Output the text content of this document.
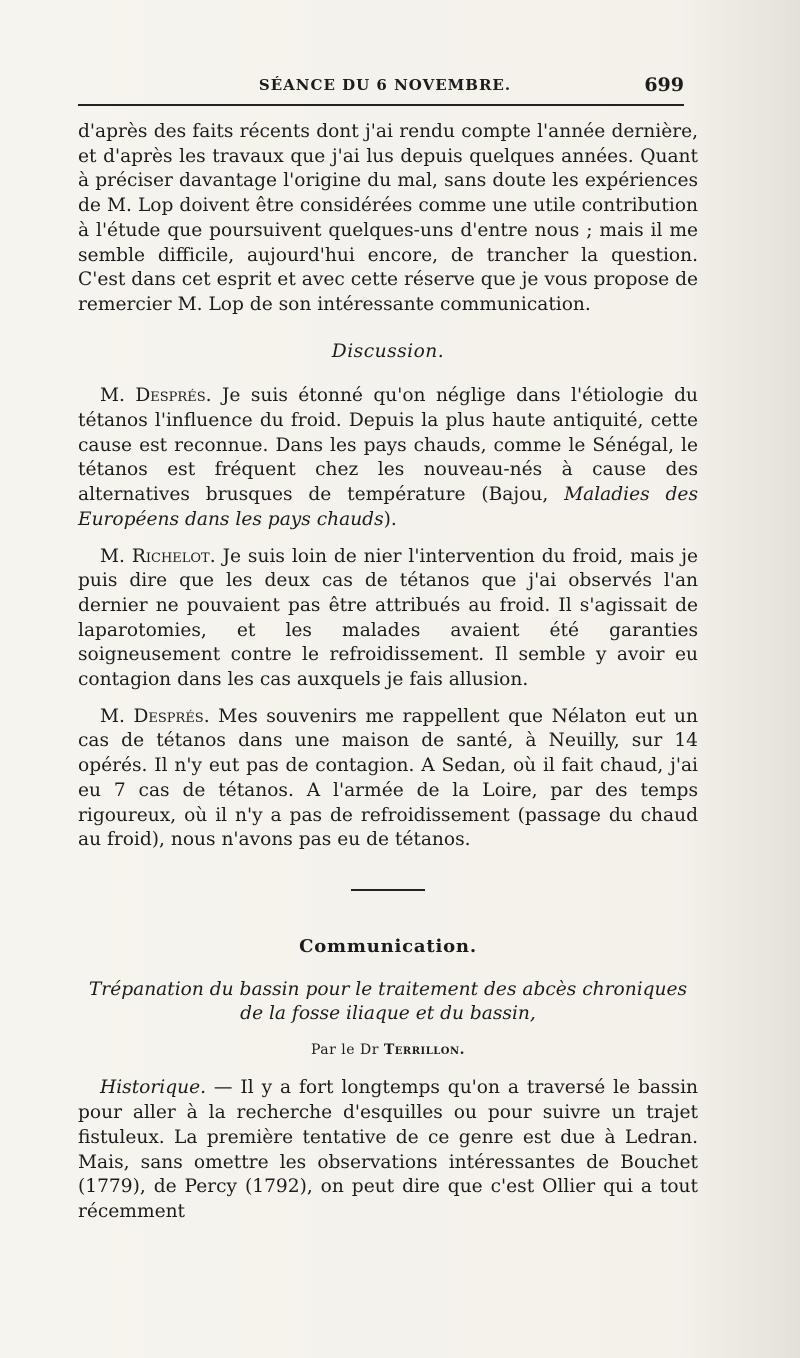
SÉANCE DU 6 NOVEMBRE.	699

d'après des faits récents dont j'ai rendu compte l'année dernière, et d'après les travaux que j'ai lus depuis quelques années. Quant à préciser davantage l'origine du mal, sans doute les expériences de M. Lop doivent être considérées comme une utile contribution à l'étude que poursuivent quelques-uns d'entre nous ; mais il me semble difficile, aujourd'hui encore, de trancher la question. C'est dans cet esprit et avec cette réserve que je vous propose de remercier M. Lop de son intéressante communication.

Discussion.

M. Després. Je suis étonné qu'on néglige dans l'étiologie du tétanos l'influence du froid. Depuis la plus haute antiquité, cette cause est reconnue. Dans les pays chauds, comme le Sénégal, le tétanos est fréquent chez les nouveau-nés à cause des alternatives brusques de température (Bajou, Maladies des Européens dans les pays chauds).

M. Richelot. Je suis loin de nier l'intervention du froid, mais je puis dire que les deux cas de tétanos que j'ai observés l'an dernier ne pouvaient pas être attribués au froid. Il s'agissait de laparotomies, et les malades avaient été garanties soigneusement contre le refroidissement. Il semble y avoir eu contagion dans les cas auxquels je fais allusion.

M. Després. Mes souvenirs me rappellent que Nélaton eut un cas de tétanos dans une maison de santé, à Neuilly, sur 14 opérés. Il n'y eut pas de contagion. A Sedan, où il fait chaud, j'ai eu 7 cas de tétanos. A l'armée de la Loire, par des temps rigoureux, où il n'y a pas de refroidissement (passage du chaud au froid), nous n'avons pas eu de tétanos.

Communication.
Trépanation du bassin pour le traitement des abcès chroniques
de la fosse iliaque et du bassin,
Par le Dr Terrillon.

Historique. — Il y a fort longtemps qu'on a traversé le bassin pour aller à la recherche d'esquilles ou pour suivre un trajet fistuleux. La première tentative de ce genre est due à Ledran. Mais, sans omettre les observations intéressantes de Bouchet (1779), de Percy (1792), on peut dire que c'est Ollier qui a tout récemment
